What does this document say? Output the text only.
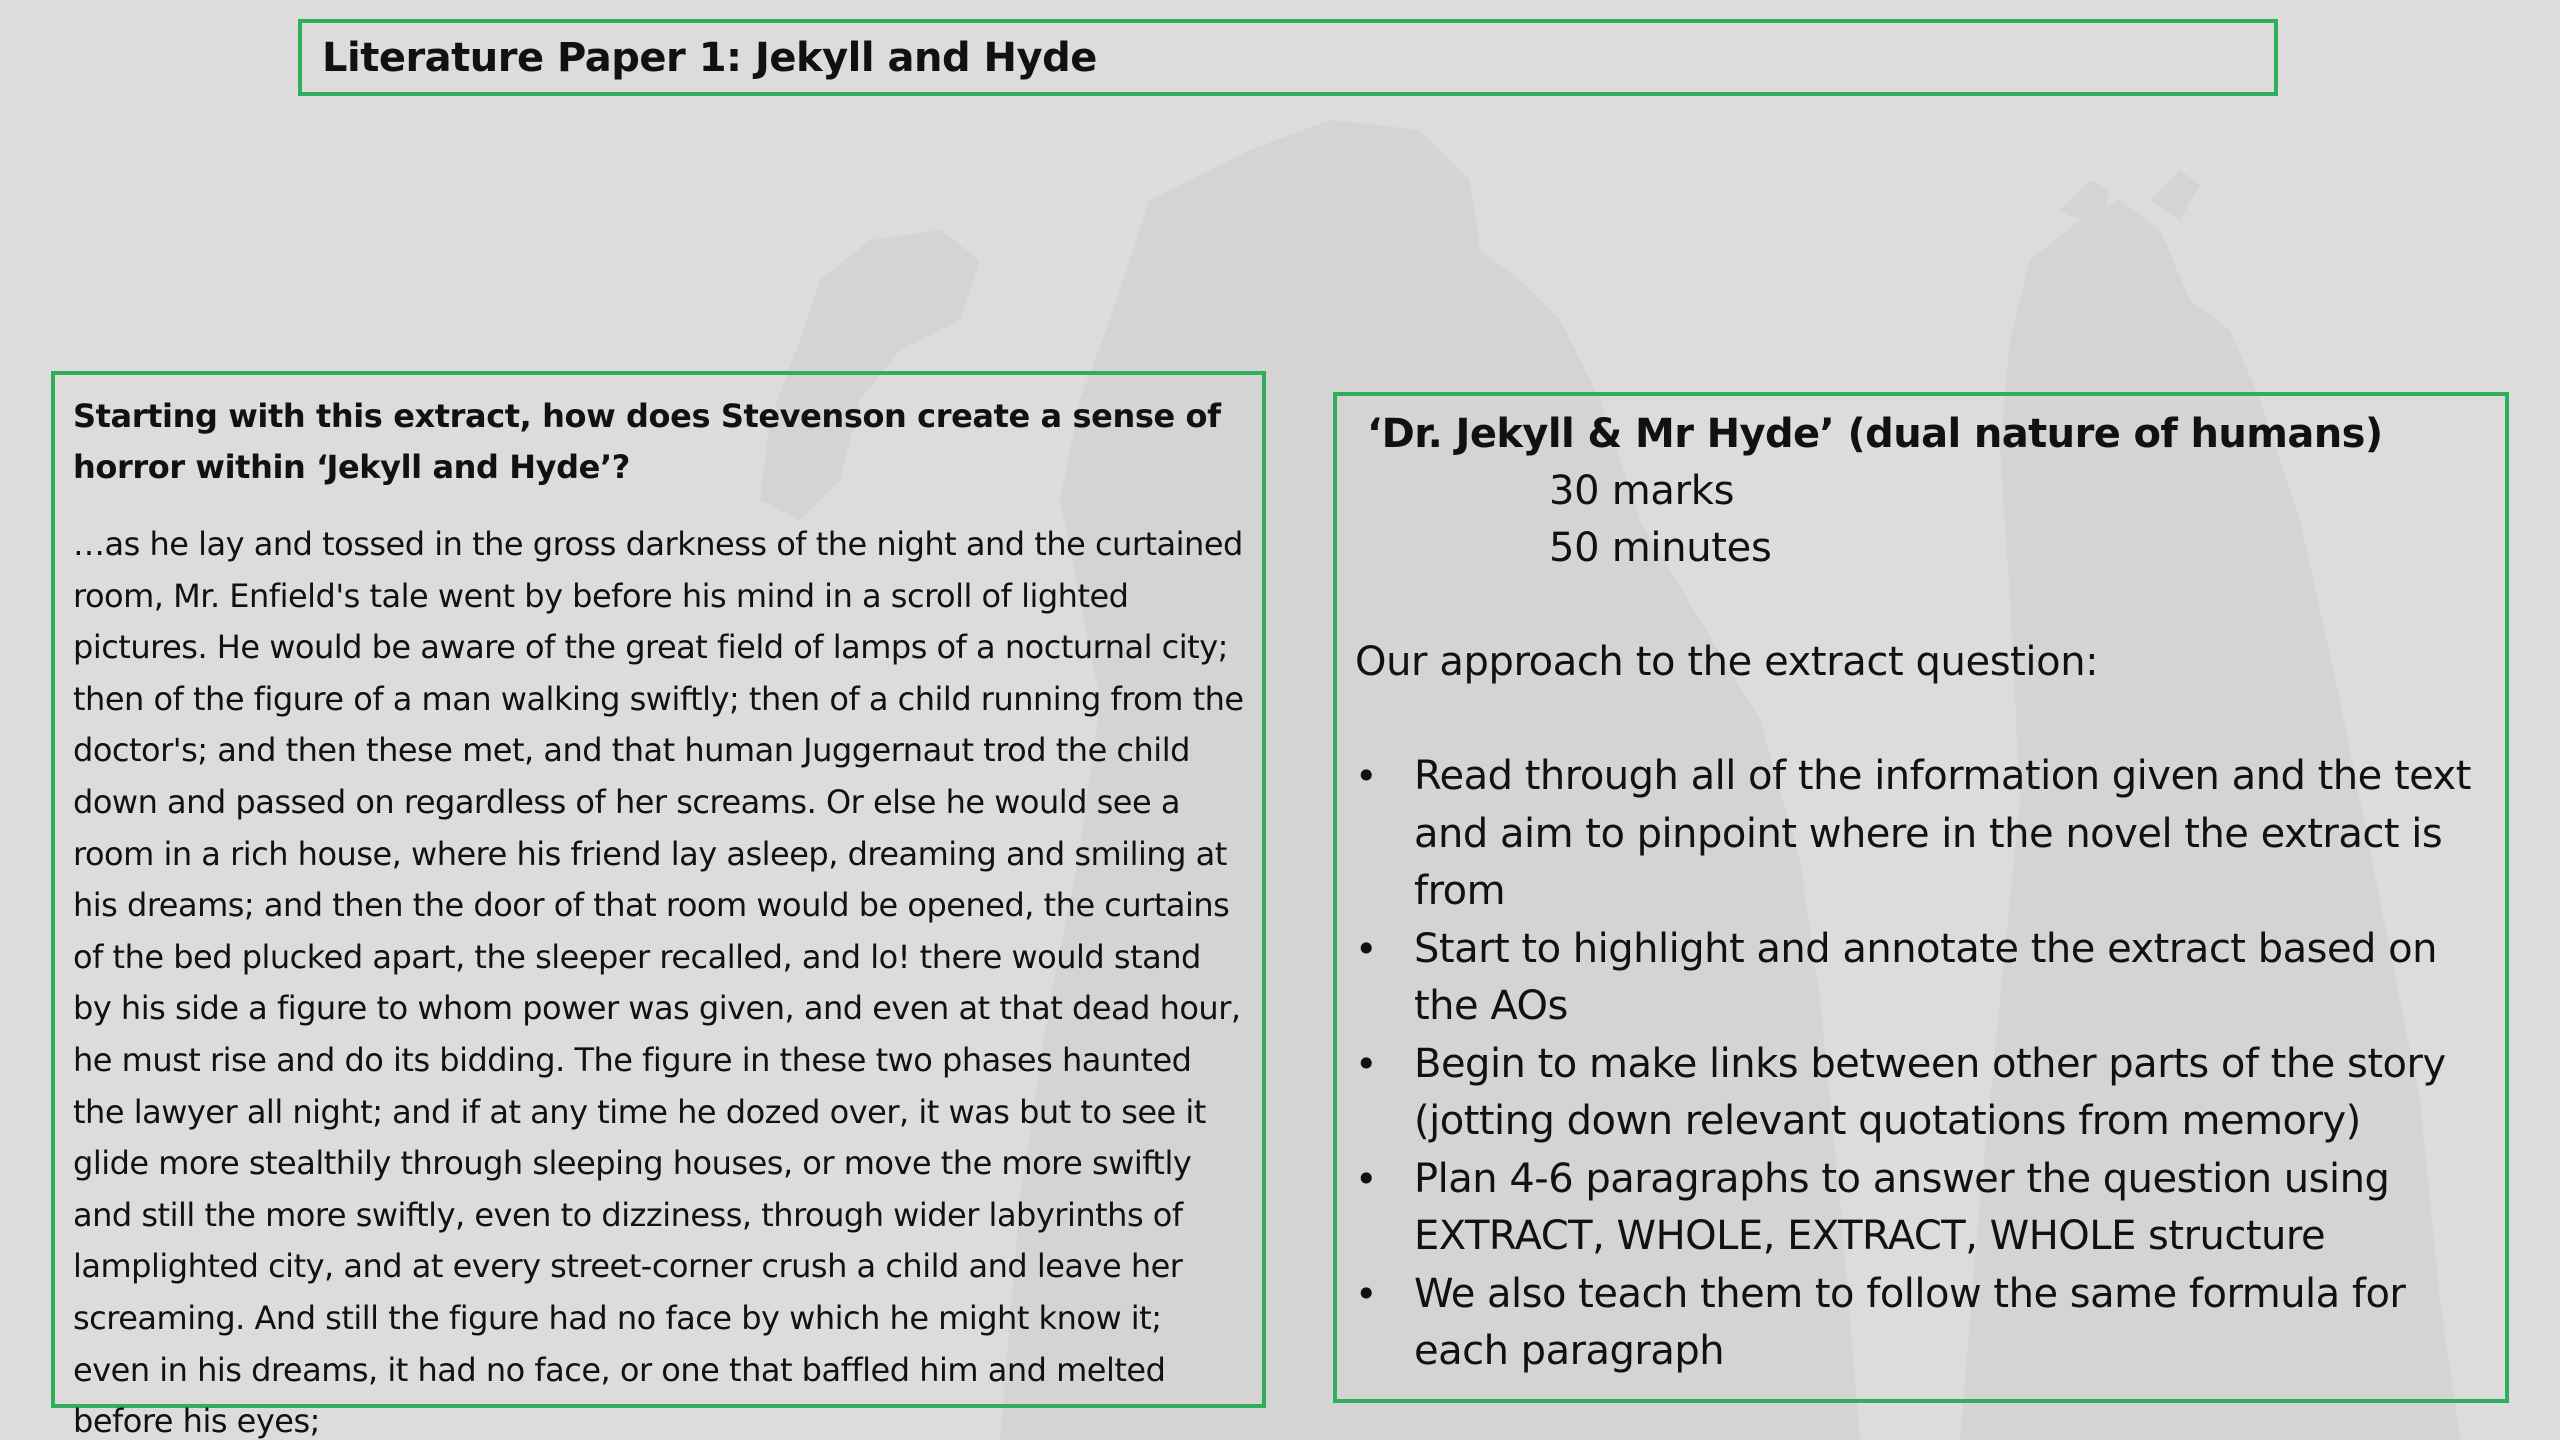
Literature Paper 1: Jekyll and Hyde

Starting with this extract, how does Stevenson create a sense of horror within ‘Jekyll and Hyde’?

…as he lay and tossed in the gross darkness of the night and the curtained room, Mr. Enfield's tale went by before his mind in a scroll of lighted pictures. He would be aware of the great field of lamps of a nocturnal city; then of the figure of a man walking swiftly; then of a child running from the doctor's; and then these met, and that human Juggernaut trod the child down and passed on regardless of her screams. Or else he would see a room in a rich house, where his friend lay asleep, dreaming and smiling at his dreams; and then the door of that room would be opened, the curtains of the bed plucked apart, the sleeper recalled, and lo! there would stand by his side a figure to whom power was given, and even at that dead hour, he must rise and do its bidding. The figure in these two phases haunted the lawyer all night; and if at any time he dozed over, it was but to see it glide more stealthily through sleeping houses, or move the more swiftly and still the more swiftly, even to dizziness, through wider labyrinths of lamplighted city, and at every street-corner crush a child and leave her screaming. And still the figure had no face by which he might know it; even in his dreams, it had no face, or one that baffled him and melted before his eyes;

‘Dr. Jekyll & Mr Hyde’ (dual nature of humans)

30 marks

50 minutes

Our approach to the extract question:

• Read through all of the information given and the text and aim to pinpoint where in the novel the extract is from
• Start to highlight and annotate the extract based on the AOs
• Begin to make links between other parts of the story (jotting down relevant quotations from memory)
• Plan 4-6 paragraphs to answer the question using EXTRACT, WHOLE, EXTRACT, WHOLE structure
• We also teach them to follow the same formula for each paragraph
